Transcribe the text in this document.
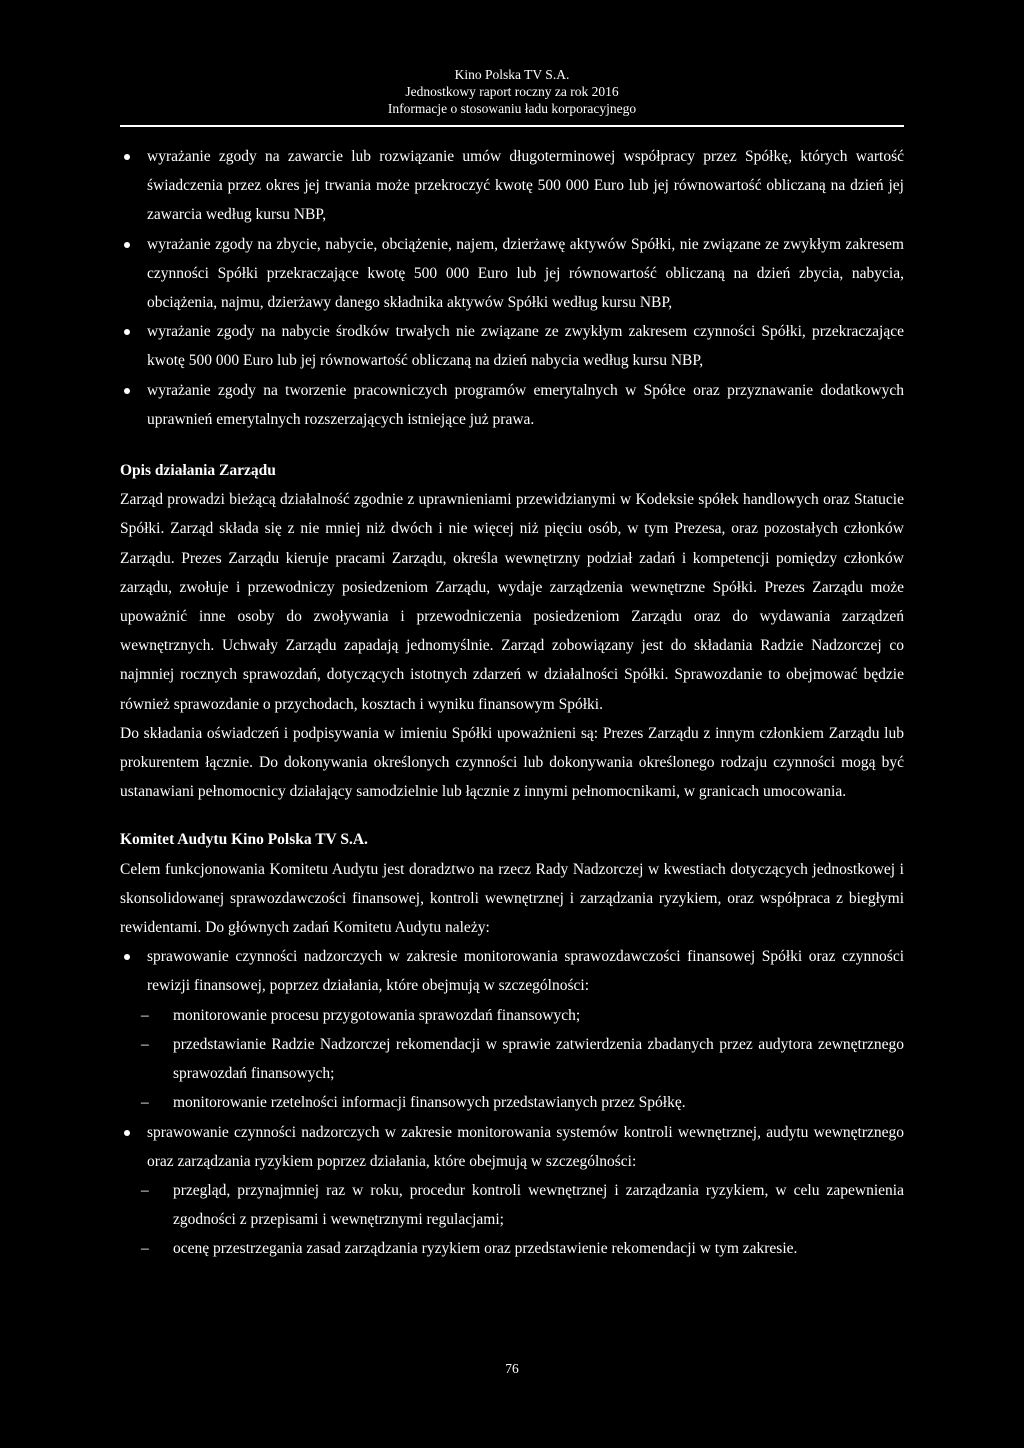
Kino Polska TV S.A.
Jednostkowy raport roczny za rok 2016
Informacje o stosowaniu ładu korporacyjnego
wyrażanie zgody na zawarcie lub rozwiązanie umów długoterminowej współpracy przez Spółkę, których wartość świadczenia przez okres jej trwania może przekroczyć kwotę 500 000 Euro lub jej równowartość obliczaną na dzień jej zawarcia według kursu NBP,
wyrażanie zgody na zbycie, nabycie, obciążenie, najem, dzierżawę aktywów Spółki, nie związane ze zwykłym zakresem czynności Spółki przekraczające kwotę 500 000 Euro lub jej równowartość obliczaną na dzień zbycia, nabycia, obciążenia, najmu, dzierżawy danego składnika aktywów Spółki według kursu NBP,
wyrażanie zgody na nabycie środków trwałych nie związane ze zwykłym zakresem czynności Spółki, przekraczające kwotę 500 000 Euro lub jej równowartość obliczaną na dzień nabycia według kursu NBP,
wyrażanie zgody na tworzenie pracowniczych programów emerytalnych w Spółce oraz przyznawanie dodatkowych uprawnień emerytalnych rozszerzających istniejące już prawa.

Opis działania Zarządu

Zarząd prowadzi bieżącą działalność zgodnie z uprawnieniami przewidzianymi w Kodeksie spółek handlowych oraz Statucie Spółki. Zarząd składa się z nie mniej niż dwóch i nie więcej niż pięciu osób, w tym Prezesa, oraz pozostałych członków Zarządu. Prezes Zarządu kieruje pracami Zarządu, określa wewnętrzny podział zadań i kompetencji pomiędzy członków zarządu, zwołuje i przewodniczy posiedzeniom Zarządu, wydaje zarządzenia wewnętrzne Spółki. Prezes Zarządu może upoważnić inne osoby do zwoływania i przewodniczenia posiedzeniom Zarządu oraz do wydawania zarządzeń wewnętrznych. Uchwały Zarządu zapadają jednomyślnie. Zarząd zobowiązany jest do składania Radzie Nadzorczej co najmniej rocznych sprawozdań, dotyczących istotnych zdarzeń w działalności Spółki. Sprawozdanie to obejmować będzie również sprawozdanie o przychodach, kosztach i wyniku finansowym Spółki.

Do składania oświadczeń i podpisywania w imieniu Spółki upoważnieni są: Prezes Zarządu z innym członkiem Zarządu lub prokurentem łącznie. Do dokonywania określonych czynności lub dokonywania określonego rodzaju czynności mogą być ustanawiani pełnomocnicy działający samodzielnie lub łącznie z innymi pełnomocnikami, w granicach umocowania.

Komitet Audytu Kino Polska TV S.A.

Celem funkcjonowania Komitetu Audytu jest doradztwo na rzecz Rady Nadzorczej w kwestiach dotyczących jednostkowej i skonsolidowanej sprawozdawczości finansowej, kontroli wewnętrznej i zarządzania ryzykiem, oraz współpraca z biegłymi rewidentami. Do głównych zadań Komitetu Audytu należy:

sprawowanie czynności nadzorczych w zakresie monitorowania sprawozdawczości finansowej Spółki oraz czynności rewizji finansowej, poprzez działania, które obejmują w szczególności:
– monitorowanie procesu przygotowania sprawozdań finansowych;
– przedstawianie Radzie Nadzorczej rekomendacji w sprawie zatwierdzenia zbadanych przez audytora zewnętrznego sprawozdań finansowych;
– monitorowanie rzetelności informacji finansowych przedstawianych przez Spółkę.
sprawowanie czynności nadzorczych w zakresie monitorowania systemów kontroli wewnętrznej, audytu wewnętrznego oraz zarządzania ryzykiem poprzez działania, które obejmują w szczególności:
– przegląd, przynajmniej raz w roku, procedur kontroli wewnętrznej i zarządzania ryzykiem, w celu zapewnienia zgodności z przepisami i wewnętrznymi regulacjami;
– ocenę przestrzegania zasad zarządzania ryzykiem oraz przedstawienie rekomendacji w tym zakresie.
76
